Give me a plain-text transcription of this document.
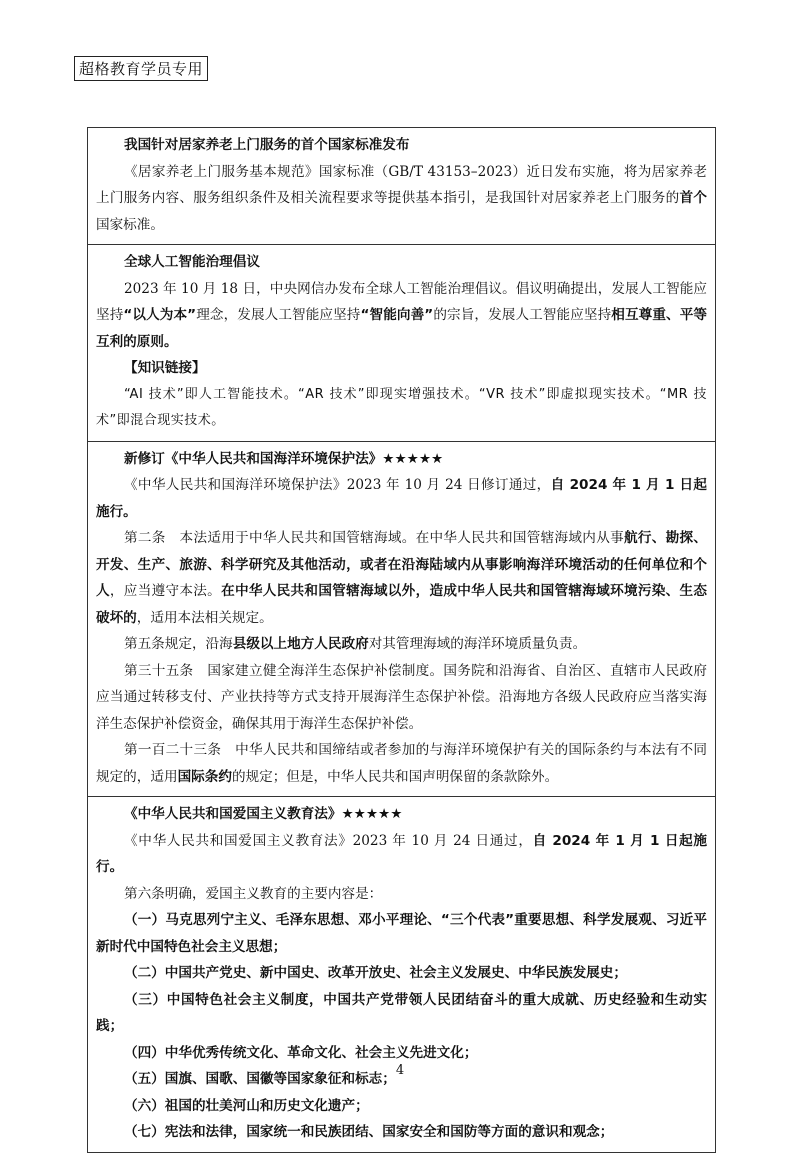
超格教育学员专用

我国针对居家养老上门服务的首个国家标准发布

《居家养老上门服务基本规范》国家标准（GB/T 43153–2023）近日发布实施，将为居家养老上门服务内容、服务组织条件及相关流程要求等提供基本指引，是我国针对居家养老上门服务的首个国家标准。

全球人工智能治理倡议

2023 年 10 月 18 日，中央网信办发布全球人工智能治理倡议。倡议明确提出，发展人工智能应坚持“以人为本”理念，发展人工智能应坚持“智能向善”的宗旨，发展人工智能应坚持相互尊重、平等互利的原则。

【知识链接】

“AI 技术”即人工智能技术。“AR 技术”即现实增强技术。“VR 技术”即虚拟现实技术。“MR 技术”即混合现实技术。

新修订《中华人民共和国海洋环境保护法》★★★★★

《中华人民共和国海洋环境保护法》2023 年 10 月 24 日修订通过，自 2024 年 1 月 1 日起施行。

第二条　本法适用于中华人民共和国管辖海域。在中华人民共和国管辖海域内从事航行、勘探、开发、生产、旅游、科学研究及其他活动，或者在沿海陆域内从事影响海洋环境活动的任何单位和个人，应当遵守本法。在中华人民共和国管辖海域以外，造成中华人民共和国管辖海域环境污染、生态破坏的，适用本法相关规定。

第五条规定，沿海县级以上地方人民政府对其管理海域的海洋环境质量负责。

第三十五条　国家建立健全海洋生态保护补偿制度。国务院和沿海省、自治区、直辖市人民政府应当通过转移支付、产业扶持等方式支持开展海洋生态保护补偿。沿海地方各级人民政府应当落实海洋生态保护补偿资金，确保其用于海洋生态保护补偿。

第一百二十三条　中华人民共和国缔结或者参加的与海洋环境保护有关的国际条约与本法有不同规定的，适用国际条约的规定；但是，中华人民共和国声明保留的条款除外。

《中华人民共和国爱国主义教育法》★★★★★

《中华人民共和国爱国主义教育法》2023 年 10 月 24 日通过，自 2024 年 1 月 1 日起施行。

第六条明确，爱国主义教育的主要内容是：

（一）马克思列宁主义、毛泽东思想、邓小平理论、“三个代表”重要思想、科学发展观、习近平新时代中国特色社会主义思想；

（二）中国共产党史、新中国史、改革开放史、社会主义发展史、中华民族发展史；

（三）中国特色社会主义制度，中国共产党带领人民团结奋斗的重大成就、历史经验和生动实践；

（四）中华优秀传统文化、革命文化、社会主义先进文化；

（五）国旗、国歌、国徽等国家象征和标志；

（六）祖国的壮美河山和历史文化遗产；

（七）宪法和法律，国家统一和民族团结、国家安全和国防等方面的意识和观念；

4
